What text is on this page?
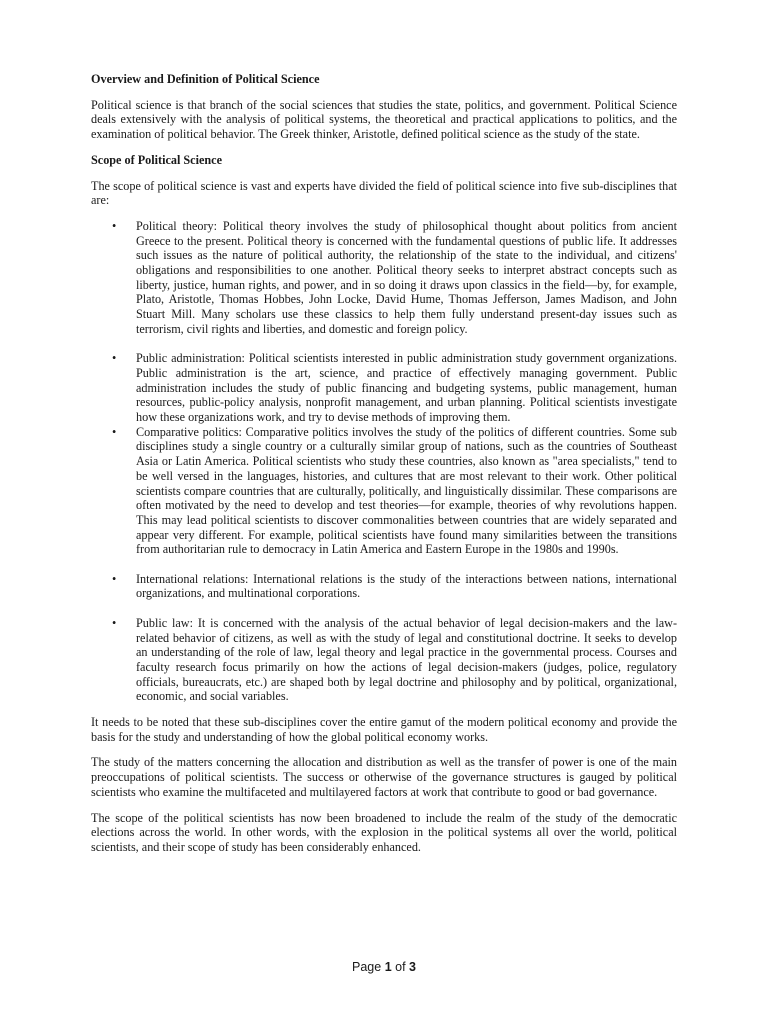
Overview and Definition of Political Science

Political science is that branch of the social sciences that studies the state, politics, and government. Political Science deals extensively with the analysis of political systems, the theoretical and practical applications to politics, and the examination of political behavior. The Greek thinker, Aristotle, defined political science as the study of the state.

Scope of Political Science

The scope of political science is vast and experts have divided the field of political science into five sub-disciplines that are:

• Political theory: Political theory involves the study of philosophical thought about politics from ancient Greece to the present. Political theory is concerned with the fundamental questions of public life. It addresses such issues as the nature of political authority, the relationship of the state to the individual, and citizens' obligations and responsibilities to one another. Political theory seeks to interpret abstract concepts such as liberty, justice, human rights, and power, and in so doing it draws upon classics in the field—by, for example, Plato, Aristotle, Thomas Hobbes, John Locke, David Hume, Thomas Jefferson, James Madison, and John Stuart Mill. Many scholars use these classics to help them fully understand present-day issues such as terrorism, civil rights and liberties, and domestic and foreign policy.
• Public administration: Political scientists interested in public administration study government organizations. Public administration is the art, science, and practice of effectively managing government. Public administration includes the study of public financing and budgeting systems, public management, human resources, public-policy analysis, nonprofit management, and urban planning. Political scientists investigate how these organizations work, and try to devise methods of improving them.
• Comparative politics: Comparative politics involves the study of the politics of different countries. Some sub disciplines study a single country or a culturally similar group of nations, such as the countries of Southeast Asia or Latin America. Political scientists who study these countries, also known as "area specialists," tend to be well versed in the languages, histories, and cultures that are most relevant to their work. Other political scientists compare countries that are culturally, politically, and linguistically dissimilar. These comparisons are often motivated by the need to develop and test theories—for example, theories of why revolutions happen. This may lead political scientists to discover commonalities between countries that are widely separated and appear very different. For example, political scientists have found many similarities between the transitions from authoritarian rule to democracy in Latin America and Eastern Europe in the 1980s and 1990s.
• International relations: International relations is the study of the interactions between nations, international organizations, and multinational corporations.
• Public law: It is concerned with the analysis of the actual behavior of legal decision-makers and the law-related behavior of citizens, as well as with the study of legal and constitutional doctrine. It seeks to develop an understanding of the role of law, legal theory and legal practice in the governmental process. Courses and faculty research focus primarily on how the actions of legal decision-makers (judges, police, regulatory officials, bureaucrats, etc.) are shaped both by legal doctrine and philosophy and by political, organizational, economic, and social variables.

It needs to be noted that these sub-disciplines cover the entire gamut of the modern political economy and provide the basis for the study and understanding of how the global political economy works.

The study of the matters concerning the allocation and distribution as well as the transfer of power is one of the main preoccupations of political scientists. The success or otherwise of the governance structures is gauged by political scientists who examine the multifaceted and multilayered factors at work that contribute to good or bad governance.

The scope of the political scientists has now been broadened to include the realm of the study of the democratic elections across the world. In other words, with the explosion in the political systems all over the world, political scientists, and their scope of study has been considerably enhanced.

Page 1 of 3
